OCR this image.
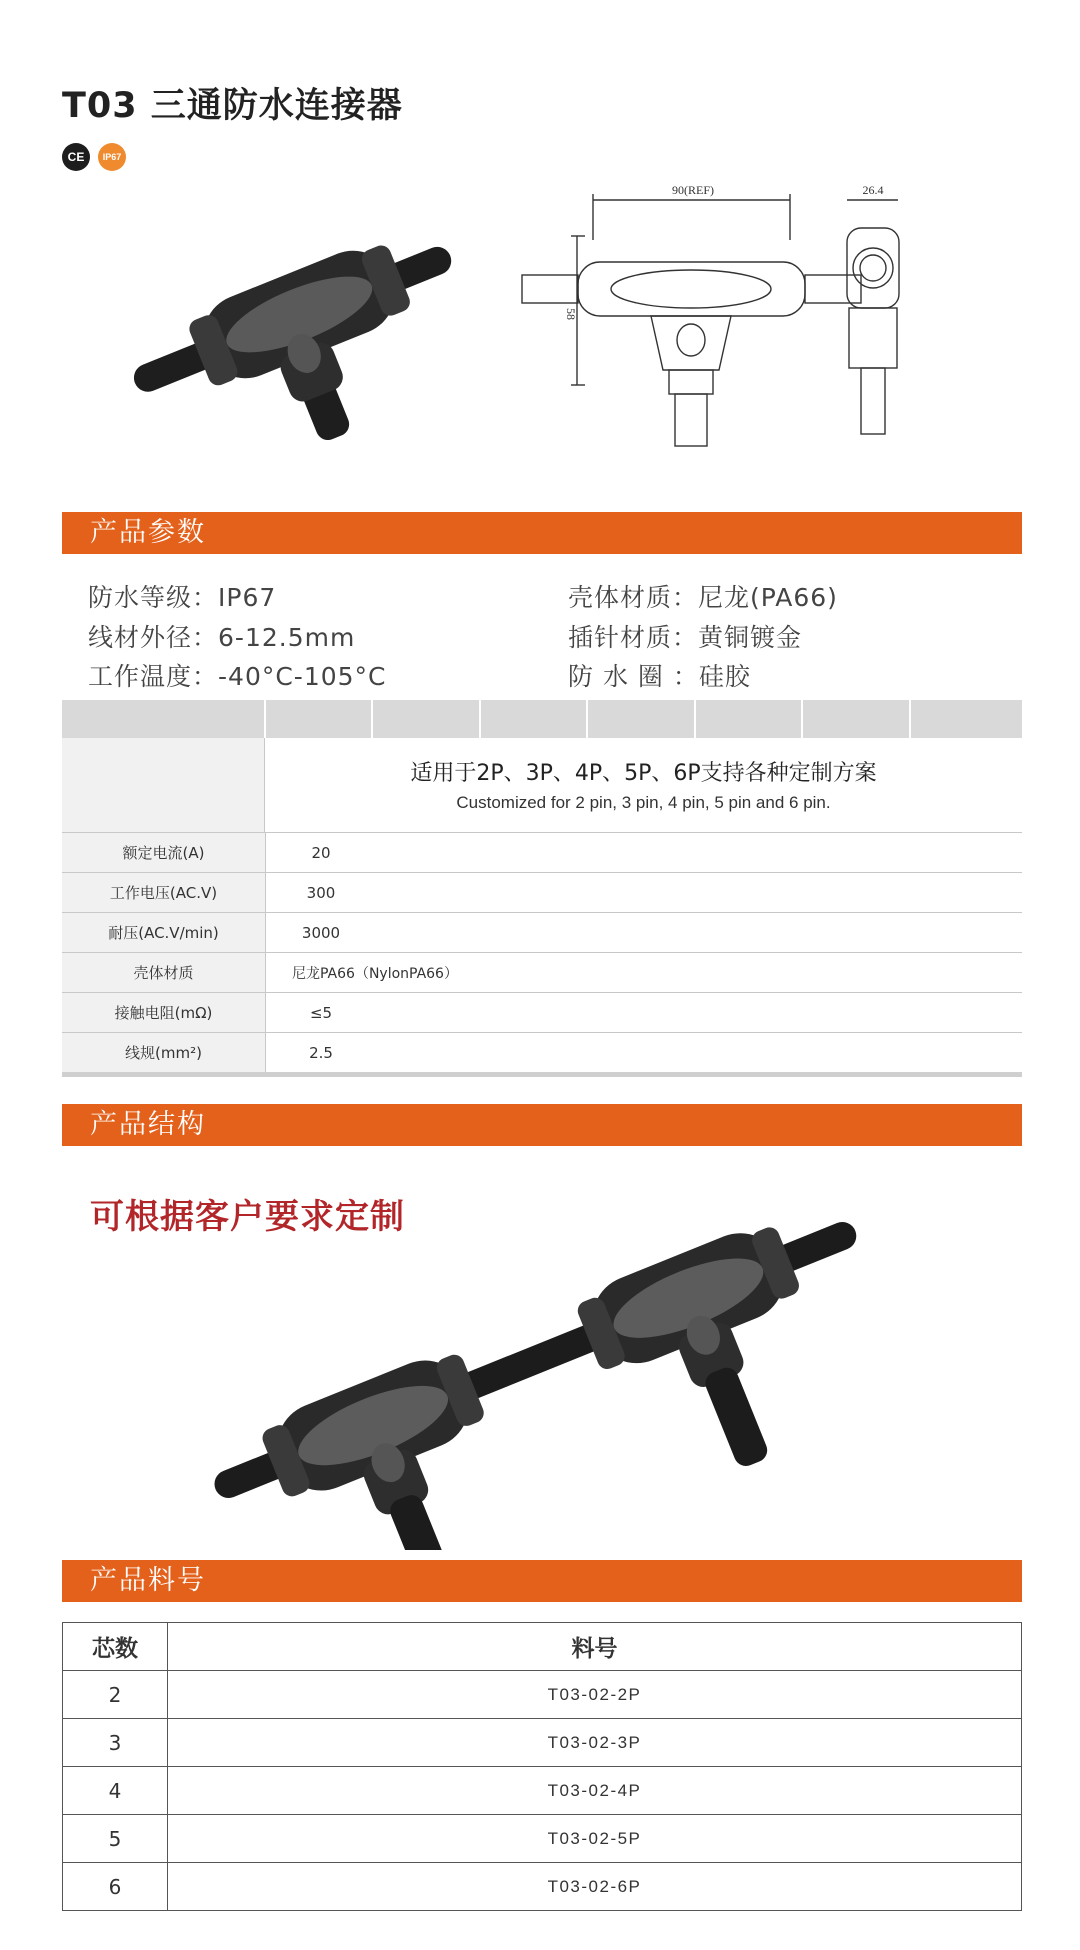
T03 三通防水连接器
CE	IP67
90(REF)
58
26.4
产品参数
防水等级：IP67	壳体材质：尼龙(PA66)
线材外径：6-12.5mm	插针材质：黄铜镀金
工作温度：-40°C-105°C	防 水 圈 ：硅胶
适用于2P、3P、4P、5P、6P支持各种定制方案
Customized for 2 pin, 3 pin, 4 pin, 5 pin and 6 pin.
额定电流(A)	20
工作电压(AC.V)	300
耐压(AC.V/min)	3000
壳体材质	尼龙PA66（NylonPA66）
接触电阻(mΩ)	≤5
线规(mm²)	2.5
产品结构
可根据客户要求定制
产品料号
芯数	料号
2	T03-02-2P
3	T03-02-3P
4	T03-02-4P
5	T03-02-5P
6	T03-02-6P
